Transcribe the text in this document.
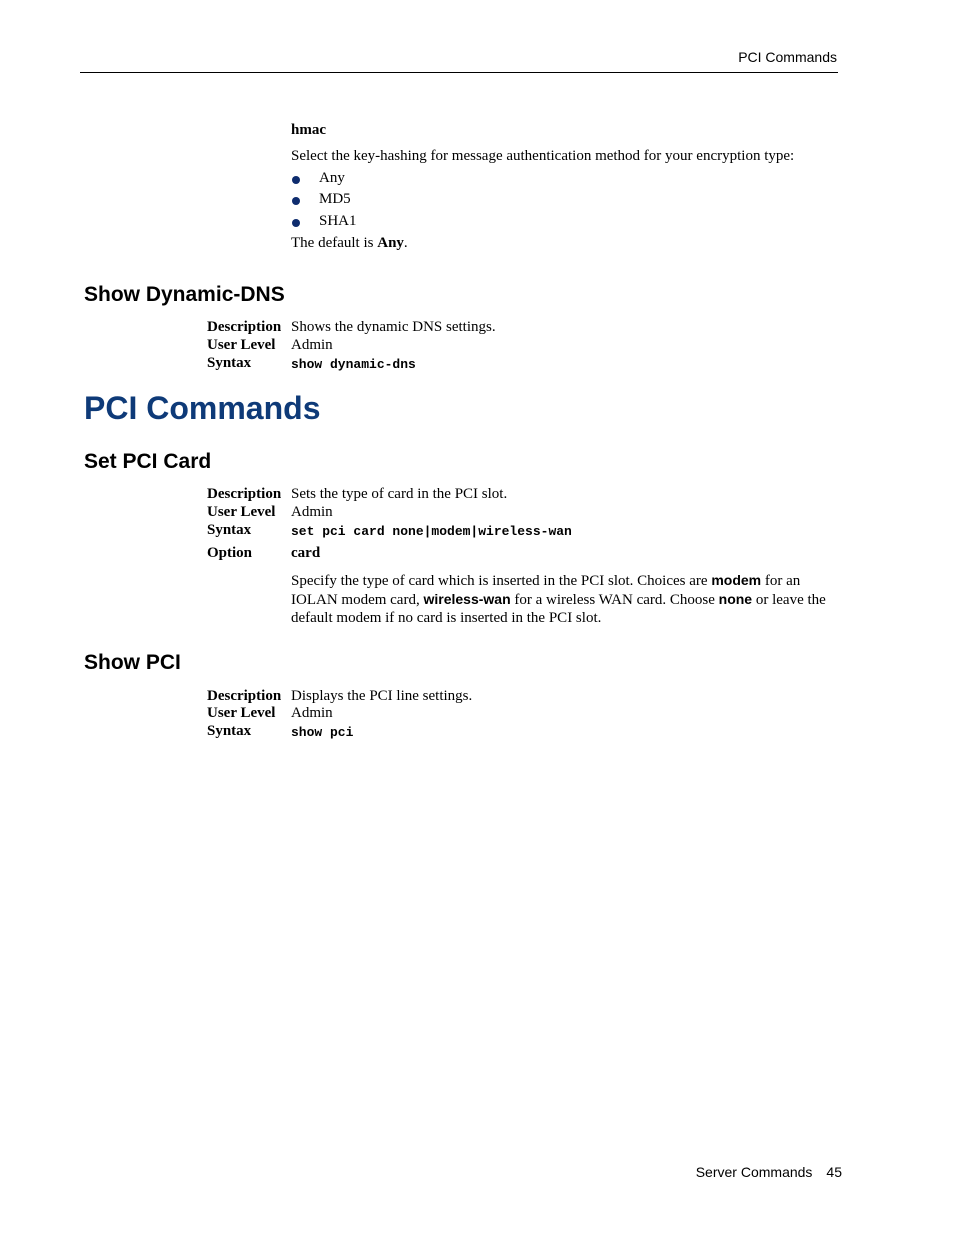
PCI Commands
hmac
Select the key-hashing for message authentication method for your encryption type:
Any
MD5
SHA1
The default is Any.
Show Dynamic-DNS
Description Shows the dynamic DNS settings.
User Level Admin
Syntax	show dynamic-dns
PCI Commands
Set PCI Card
Description Sets the type of card in the PCI slot.
User Level Admin
Syntax	set pci card none|modem|wireless-wan
Option	card
Specify the type of card which is inserted in the PCI slot. Choices are modem for an IOLAN modem card, wireless-wan for a wireless WAN card. Choose none or leave the default modem if no card is inserted in the PCI slot.
Show PCI
Description Displays the PCI line settings.
User Level Admin
Syntax	show pci
Server Commands 45
